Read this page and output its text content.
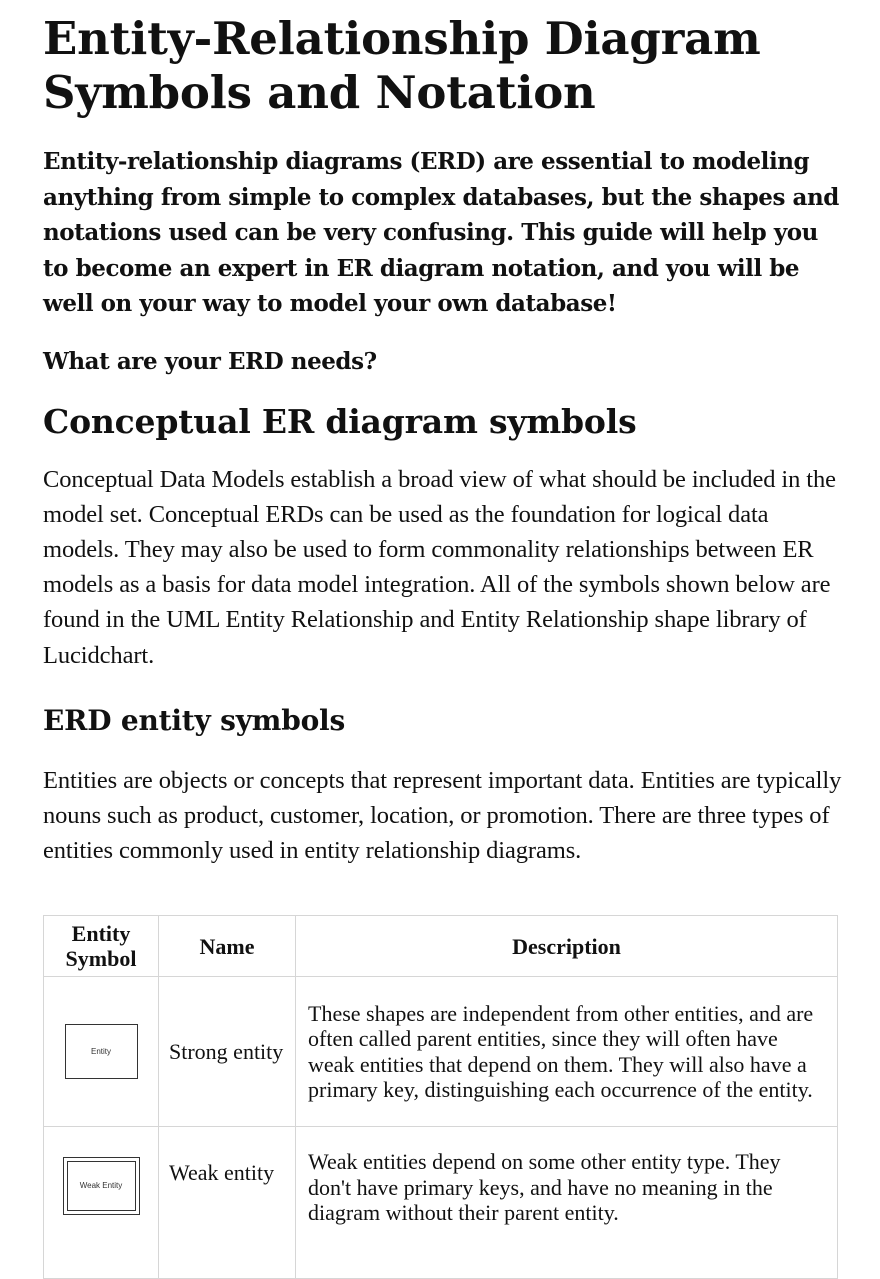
Entity-Relationship Diagram Symbols and Notation

Entity-relationship diagrams (ERD) are essential to modeling anything from simple to complex databases, but the shapes and notations used can be very confusing. This guide will help you to become an expert in ER diagram notation, and you will be well on your way to model your own database!

What are your ERD needs?

Conceptual ER diagram symbols

Conceptual Data Models establish a broad view of what should be included in the model set. Conceptual ERDs can be used as the foundation for logical data models. They may also be used to form commonality relationships between ER models as a basis for data model integration. All of the symbols shown below are found in the UML Entity Relationship and Entity Relationship shape library of Lucidchart.

ERD entity symbols

Entities are objects or concepts that represent important data. Entities are typically nouns such as product, customer, location, or promotion. There are three types of entities commonly used in entity relationship diagrams.

Entity Symbol	Name	Description

Entity	Strong entity	These shapes are independent from other entities, and are often called parent entities, since they will often have weak entities that depend on them. They will also have a primary key, distinguishing each occurrence of the entity.

Weak Entity	Weak entity	Weak entities depend on some other entity type. They don't have primary keys, and have no meaning in the diagram without their parent entity.
